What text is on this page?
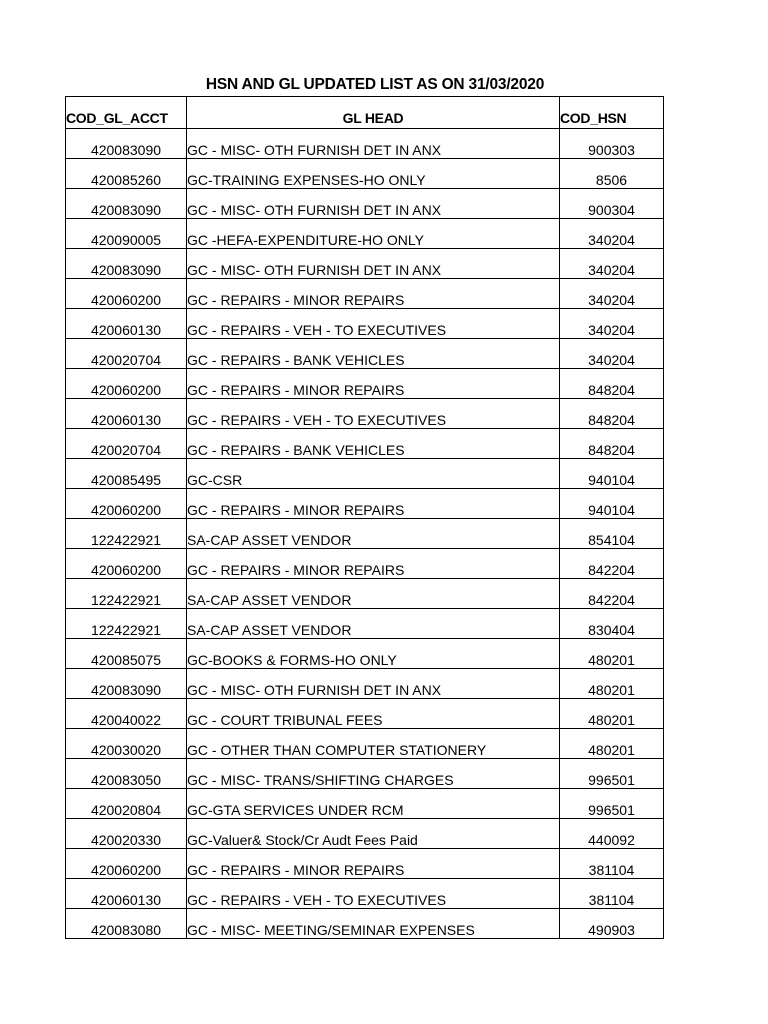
HSN AND GL UPDATED LIST AS ON 31/03/2020
COD_GL_ACCT	GL HEAD	COD_HSN
420083090	GC - MISC- OTH FURNISH DET IN ANX	900303
420085260	GC-TRAINING EXPENSES-HO ONLY	8506
420083090	GC - MISC- OTH FURNISH DET IN ANX	900304
420090005	GC -HEFA-EXPENDITURE-HO ONLY	340204
420083090	GC - MISC- OTH FURNISH DET IN ANX	340204
420060200	GC - REPAIRS - MINOR REPAIRS	340204
420060130	GC - REPAIRS - VEH - TO EXECUTIVES	340204
420020704	GC - REPAIRS - BANK VEHICLES	340204
420060200	GC - REPAIRS - MINOR REPAIRS	848204
420060130	GC - REPAIRS - VEH - TO EXECUTIVES	848204
420020704	GC - REPAIRS - BANK VEHICLES	848204
420085495	GC-CSR	940104
420060200	GC - REPAIRS - MINOR REPAIRS	940104
122422921	SA-CAP ASSET VENDOR	854104
420060200	GC - REPAIRS - MINOR REPAIRS	842204
122422921	SA-CAP ASSET VENDOR	842204
122422921	SA-CAP ASSET VENDOR	830404
420085075	GC-BOOKS & FORMS-HO ONLY	480201
420083090	GC - MISC- OTH FURNISH DET IN ANX	480201
420040022	GC - COURT TRIBUNAL FEES	480201
420030020	GC - OTHER THAN COMPUTER STATIONERY	480201
420083050	GC - MISC- TRANS/SHIFTING CHARGES	996501
420020804	GC-GTA SERVICES UNDER RCM	996501
420020330	GC-Valuer& Stock/Cr Audt Fees Paid	440092
420060200	GC - REPAIRS - MINOR REPAIRS	381104
420060130	GC - REPAIRS - VEH - TO EXECUTIVES	381104
420083080	GC - MISC- MEETING/SEMINAR EXPENSES	490903
